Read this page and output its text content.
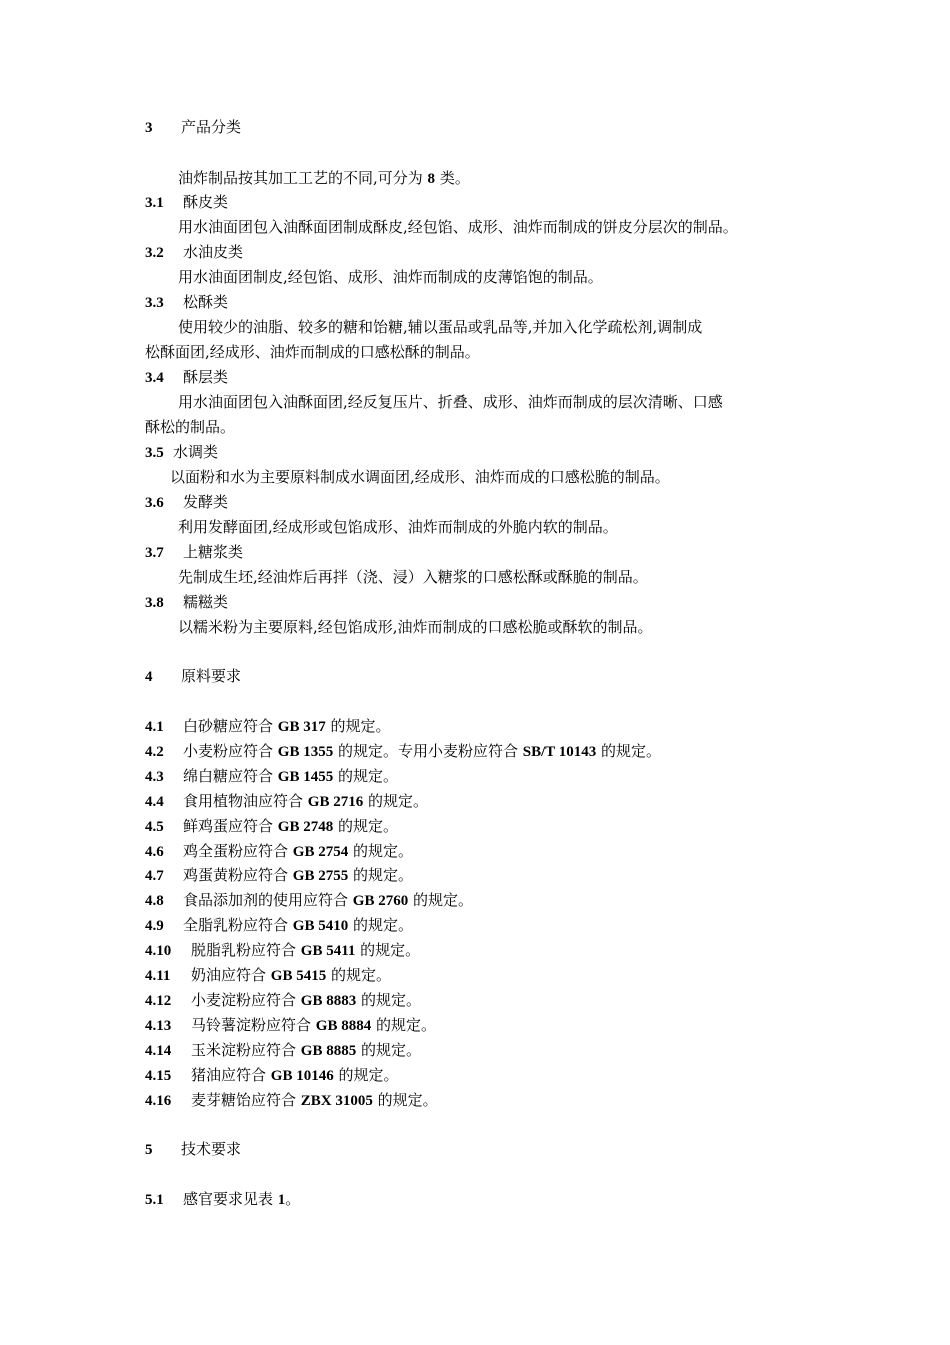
3 产品分类
油炸制品按其加工工艺的不同,可分为 8 类。
3.1 酥皮类
用水油面团包入油酥面团制成酥皮,经包馅、成形、油炸而制成的饼皮分层次的制品。
3.2 水油皮类
用水油面团制皮,经包馅、成形、油炸而制成的皮薄馅饱的制品。
3.3 松酥类
使用较少的油脂、较多的糖和饴糖,辅以蛋品或乳品等,并加入化学疏松剂,调制成
松酥面团,经成形、油炸而制成的口感松酥的制品。
3.4 酥层类
用水油面团包入油酥面团,经反复压片、折叠、成形、油炸而制成的层次清晰、口感
酥松的制品。
3.5 水调类
以面粉和水为主要原料制成水调面团,经成形、油炸而成的口感松脆的制品。
3.6 发酵类
利用发酵面团,经成形或包馅成形、油炸而制成的外脆内软的制品。
3.7 上糖浆类
先制成生坯,经油炸后再拌（浇、浸）入糖浆的口感松酥或酥脆的制品。
3.8 糯糍类
以糯米粉为主要原料,经包馅成形,油炸而制成的口感松脆或酥软的制品。
4 原料要求
4.1 白砂糖应符合 GB 317 的规定。
4.2 小麦粉应符合 GB 1355 的规定。专用小麦粉应符合 SB/T 10143 的规定。
4.3 绵白糖应符合 GB 1455 的规定。
4.4 食用植物油应符合 GB 2716 的规定。
4.5 鲜鸡蛋应符合 GB 2748 的规定。
4.6 鸡全蛋粉应符合 GB 2754 的规定。
4.7 鸡蛋黄粉应符合 GB 2755 的规定。
4.8 食品添加剂的使用应符合 GB 2760 的规定。
4.9 全脂乳粉应符合 GB 5410 的规定。
4.10 脱脂乳粉应符合 GB 5411 的规定。
4.11 奶油应符合 GB 5415 的规定。
4.12 小麦淀粉应符合 GB 8883 的规定。
4.13 马铃薯淀粉应符合 GB 8884 的规定。
4.14 玉米淀粉应符合 GB 8885 的规定。
4.15 猪油应符合 GB 10146 的规定。
4.16 麦芽糖饴应符合 ZBX 31005 的规定。
5 技术要求
5.1 感官要求见表 1。
